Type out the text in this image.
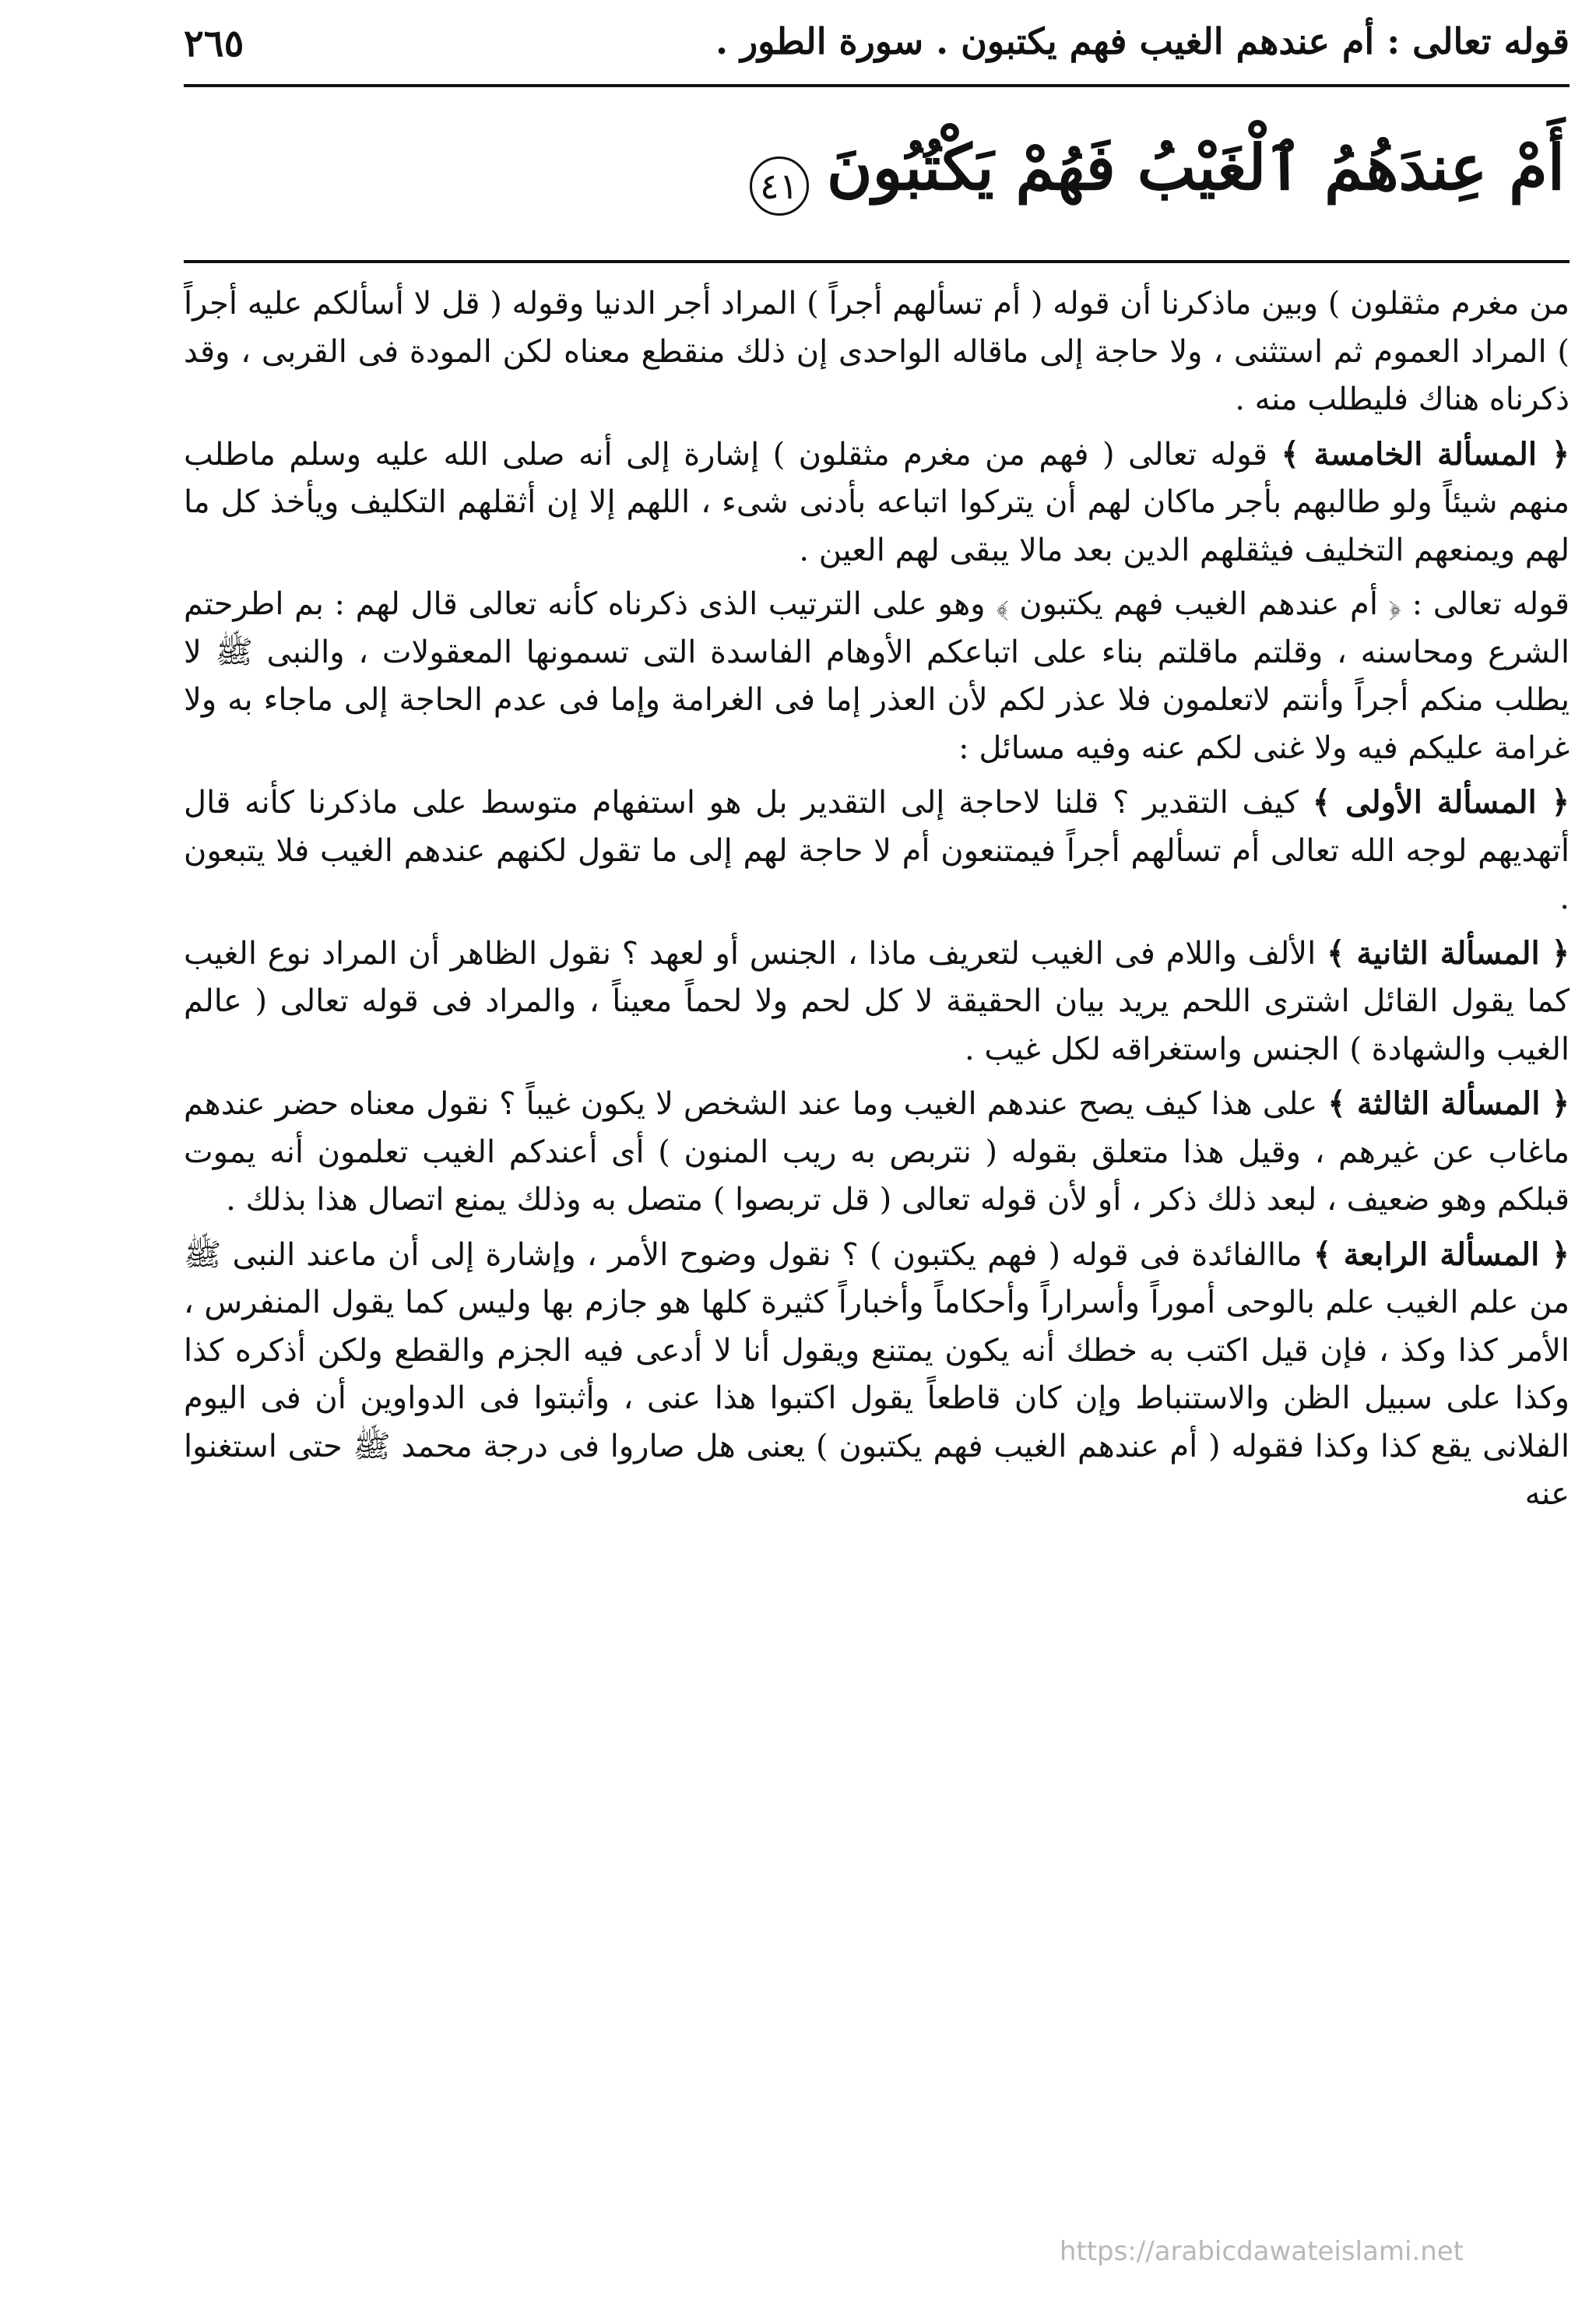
٢٦٥	قوله تعالى : أم عندهم الغيب فهم يكتبون . سورة الطور .
أَمْ عِندَهُمُ ٱلْغَيْبُ فَهُمْ يَكْتُبُونَ ٤١

من مغرم مثقلون ) وبين ماذكرنا أن قوله ( أم تسألهم أجراً ) المراد أجر الدنيا وقوله ( قل لا أسألكم عليه أجراً ) المراد العموم ثم استثنى ، ولا حاجة إلى ماقاله الواحدى إن ذلك منقطع معناه لكن المودة فى القربى ، وقد ذكرناه هناك فليطلب منه .

﴿ المسألة الخامسة ﴾ قوله تعالى ( فهم من مغرم مثقلون ) إشارة إلى أنه صلى الله عليه وسلم ماطلب منهم شيئاً ولو طالبهم بأجر ماكان لهم أن يتركوا اتباعه بأدنى شىء ، اللهم إلا إن أثقلهم التكليف ويأخذ كل ما لهم ويمنعهم التخليف فيثقلهم الدين بعد مالا يبقى لهم العين .

قوله تعالى : ﴿ أم عندهم الغيب فهم يكتبون ﴾ وهو على الترتيب الذى ذكرناه كأنه تعالى قال لهم : بم اطرحتم الشرع ومحاسنه ، وقلتم ماقلتم بناء على اتباعكم الأوهام الفاسدة التى تسمونها المعقولات ، والنبى ﷺ لا يطلب منكم أجراً وأنتم لاتعلمون فلا عذر لكم لأن العذر إما فى الغرامة وإما فى عدم الحاجة إلى ماجاء به ولا غرامة عليكم فيه ولا غنى لكم عنه وفيه مسائل :

﴿ المسألة الأولى ﴾ كيف التقدير ؟ قلنا لاحاجة إلى التقدير بل هو استفهام متوسط على ماذكرنا كأنه قال أتهديهم لوجه الله تعالى أم تسألهم أجراً فيمتنعون أم لا حاجة لهم إلى ما تقول لكنهم عندهم الغيب فلا يتبعون .

﴿ المسألة الثانية ﴾ الألف واللام فى الغيب لتعريف ماذا ، الجنس أو لعهد ؟ نقول الظاهر أن المراد نوع الغيب كما يقول القائل اشترى اللحم يريد بيان الحقيقة لا كل لحم ولا لحماً معيناً ، والمراد فى قوله تعالى ( عالم الغيب والشهادة ) الجنس واستغراقه لكل غيب .

﴿ المسألة الثالثة ﴾ على هذا كيف يصح عندهم الغيب وما عند الشخص لا يكون غيباً ؟ نقول معناه حضر عندهم ماغاب عن غيرهم ، وقيل هذا متعلق بقوله ( نتربص به ريب المنون ) أى أعندكم الغيب تعلمون أنه يموت قبلكم وهو ضعيف ، لبعد ذلك ذكر ، أو لأن قوله تعالى ( قل تربصوا ) متصل به وذلك يمنع اتصال هذا بذلك .

﴿ المسألة الرابعة ﴾ ماالفائدة فى قوله ( فهم يكتبون ) ؟ نقول وضوح الأمر ، وإشارة إلى أن ماعند النبى ﷺ من علم الغيب علم بالوحى أموراً وأسراراً وأحكاماً وأخباراً كثيرة كلها هو جازم بها وليس كما يقول المنفرس ، الأمر كذا وكذ ، فإن قيل اكتب به خطك أنه يكون يمتنع ويقول أنا لا أدعى فيه الجزم والقطع ولكن أذكره كذا وكذا على سبيل الظن والاستنباط وإن كان قاطعاً يقول اكتبوا هذا عنى ، وأثبتوا فى الدواوين أن فى اليوم الفلانى يقع كذا وكذا فقوله ( أم عندهم الغيب فهم يكتبون ) يعنى هل صاروا فى درجة محمد ﷺ حتى استغنوا عنه

https://arabicdawateislami.net
